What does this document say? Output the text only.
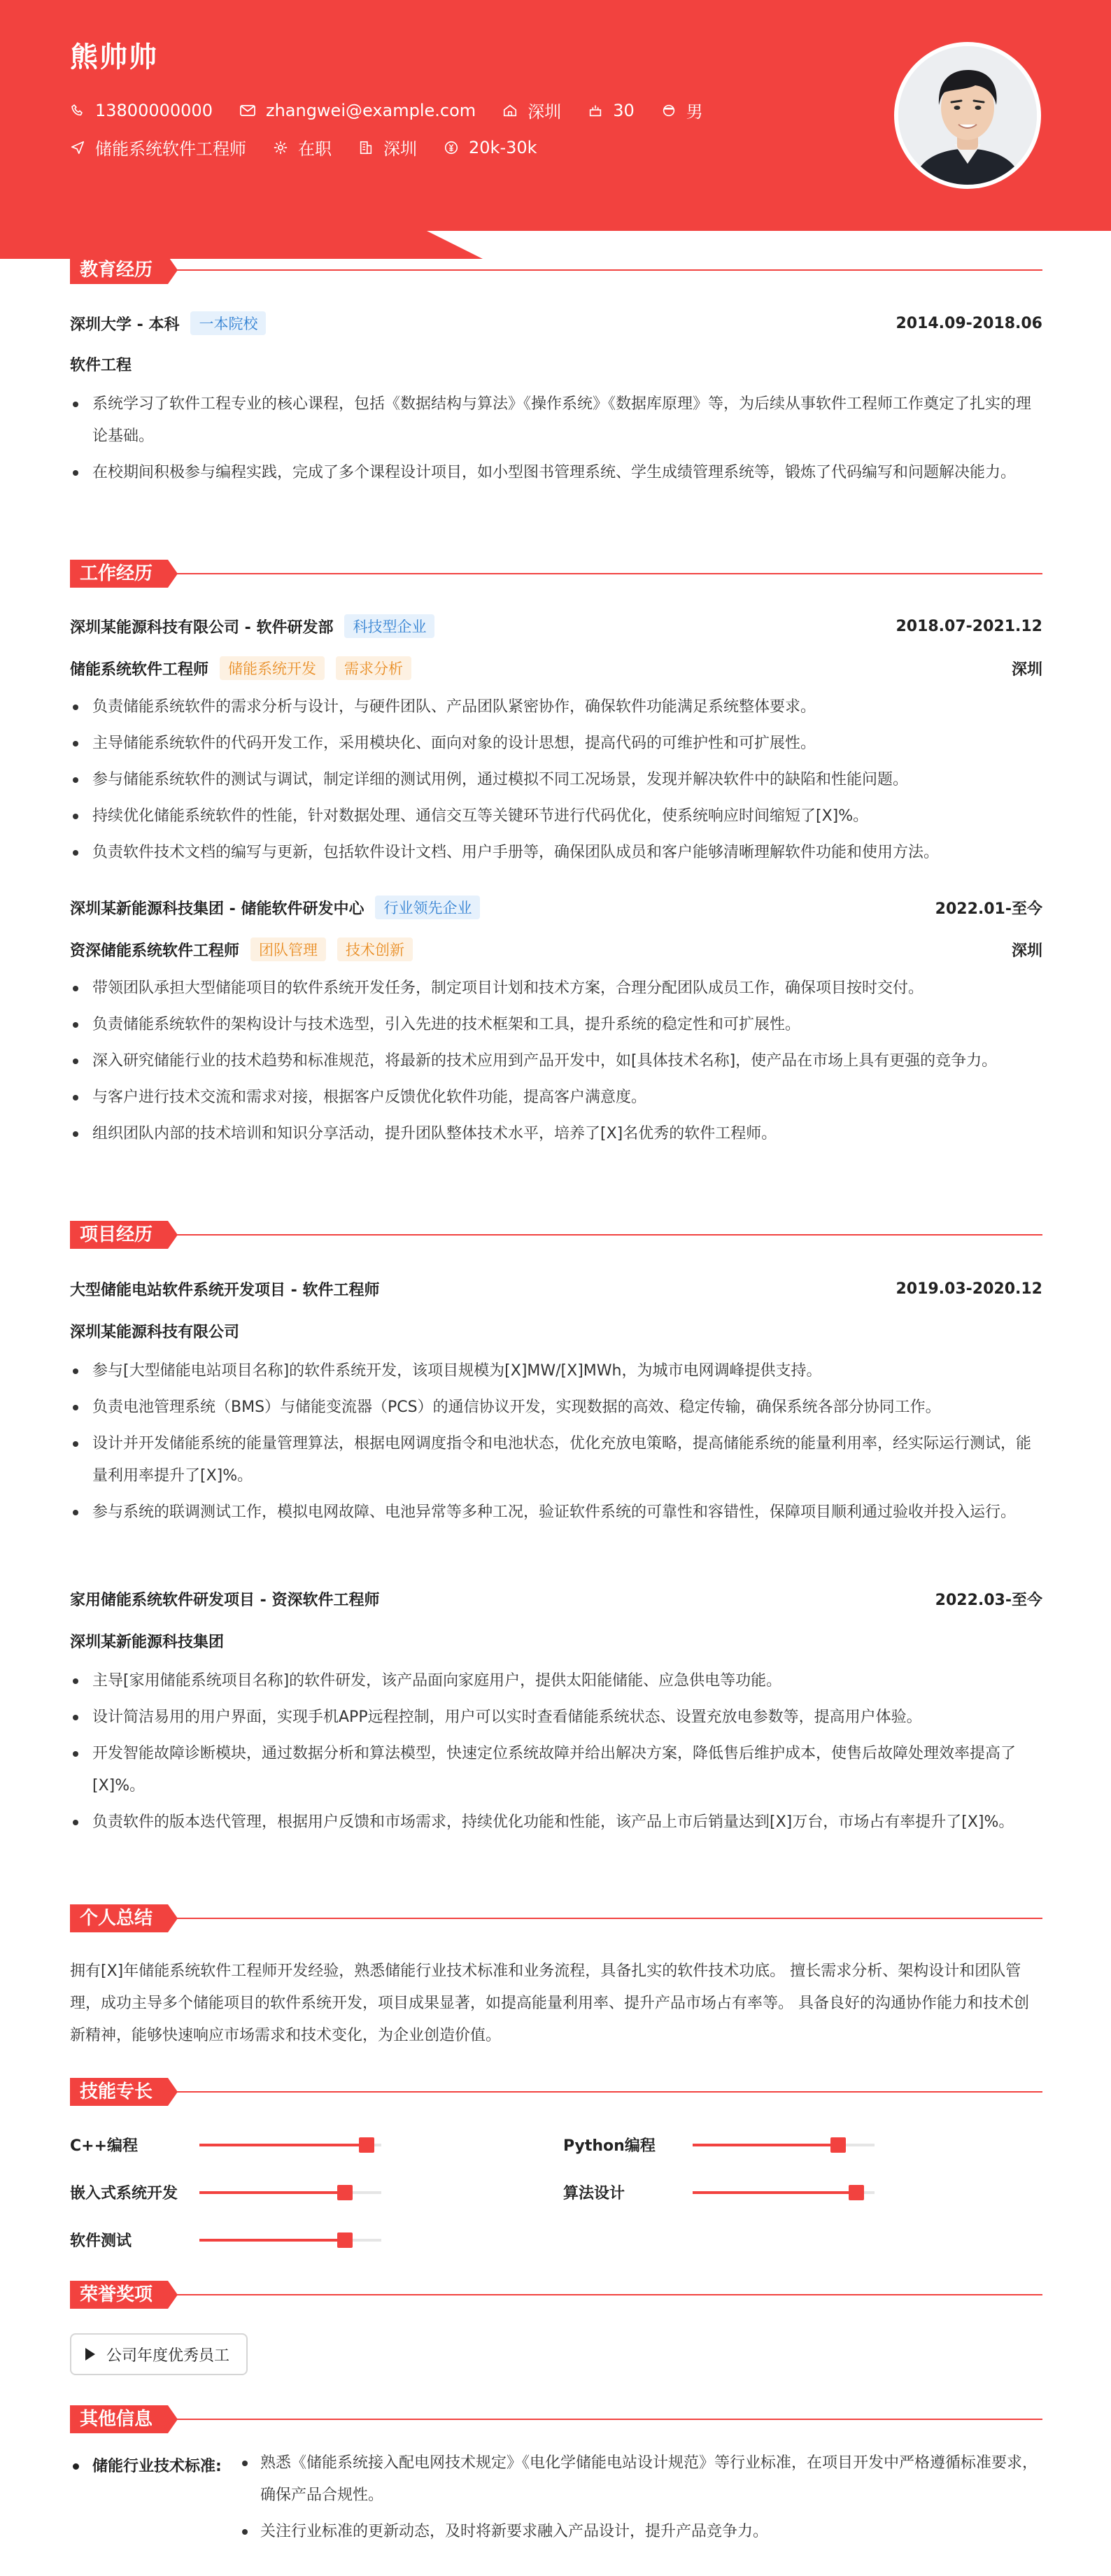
熊帅帅
13800000000	zhangwei@example.com	深圳	30	男
储能系统软件工程师	在职	深圳	20k-30k
教育经历
深圳大学 - 本科	一本院校	2014.09-2018.06
软件工程
系统学习了软件工程专业的核心课程，包括《数据结构与算法》《操作系统》《数据库原理》等，为后续从事软件工程师工作奠定了扎实的理论基础。
在校期间积极参与编程实践，完成了多个课程设计项目，如小型图书管理系统、学生成绩管理系统等，锻炼了代码编写和问题解决能力。
工作经历
深圳某能源科技有限公司 - 软件研发部	科技型企业	2018.07-2021.12
储能系统软件工程师	储能系统开发	需求分析	深圳
负责储能系统软件的需求分析与设计，与硬件团队、产品团队紧密协作，确保软件功能满足系统整体要求。
主导储能系统软件的代码开发工作，采用模块化、面向对象的设计思想，提高代码的可维护性和可扩展性。
参与储能系统软件的测试与调试，制定详细的测试用例，通过模拟不同工况场景，发现并解决软件中的缺陷和性能问题。
持续优化储能系统软件的性能，针对数据处理、通信交互等关键环节进行代码优化，使系统响应时间缩短了[X]%。
负责软件技术文档的编写与更新，包括软件设计文档、用户手册等，确保团队成员和客户能够清晰理解软件功能和使用方法。
深圳某新能源科技集团 - 储能软件研发中心	行业领先企业	2022.01-至今
资深储能系统软件工程师	团队管理	技术创新	深圳
带领团队承担大型储能项目的软件系统开发任务，制定项目计划和技术方案，合理分配团队成员工作，确保项目按时交付。
负责储能系统软件的架构设计与技术选型，引入先进的技术框架和工具，提升系统的稳定性和可扩展性。
深入研究储能行业的技术趋势和标准规范，将最新的技术应用到产品开发中，如[具体技术名称]，使产品在市场上具有更强的竞争力。
与客户进行技术交流和需求对接，根据客户反馈优化软件功能，提高客户满意度。
组织团队内部的技术培训和知识分享活动，提升团队整体技术水平，培养了[X]名优秀的软件工程师。
项目经历
大型储能电站软件系统开发项目 - 软件工程师	2019.03-2020.12
深圳某能源科技有限公司
参与[大型储能电站项目名称]的软件系统开发，该项目规模为[X]MW/[X]MWh，为城市电网调峰提供支持。
负责电池管理系统（BMS）与储能变流器（PCS）的通信协议开发，实现数据的高效、稳定传输，确保系统各部分协同工作。
设计并开发储能系统的能量管理算法，根据电网调度指令和电池状态，优化充放电策略，提高储能系统的能量利用率，经实际运行测试，能量利用率提升了[X]%。
参与系统的联调测试工作，模拟电网故障、电池异常等多种工况，验证软件系统的可靠性和容错性，保障项目顺利通过验收并投入运行。
家用储能系统软件研发项目 - 资深软件工程师	2022.03-至今
深圳某新能源科技集团
主导[家用储能系统项目名称]的软件研发，该产品面向家庭用户，提供太阳能储能、应急供电等功能。
设计简洁易用的用户界面，实现手机APP远程控制，用户可以实时查看储能系统状态、设置充放电参数等，提高用户体验。
开发智能故障诊断模块，通过数据分析和算法模型，快速定位系统故障并给出解决方案，降低售后维护成本，使售后故障处理效率提高了[X]%。
负责软件的版本迭代管理，根据用户反馈和市场需求，持续优化功能和性能，该产品上市后销量达到[X]万台，市场占有率提升了[X]%。
个人总结
拥有[X]年储能系统软件工程师开发经验，熟悉储能行业技术标准和业务流程，具备扎实的软件技术功底。 擅长需求分析、架构设计和团队管理，成功主导多个储能项目的软件系统开发，项目成果显著，如提高能量利用率、提升产品市场占有率等。 具备良好的沟通协作能力和技术创新精神，能够快速响应市场需求和技术变化，为企业创造价值。
技能专长
C++编程	Python编程
嵌入式系统开发	算法设计
软件测试
荣誉奖项
公司年度优秀员工
其他信息
储能行业技术标准:	熟悉《储能系统接入配电网技术规定》《电化学储能电站设计规范》等行业标准，在项目开发中严格遵循标准要求，确保产品合规性。
关注行业标准的更新动态，及时将新要求融入产品设计，提升产品竞争力。
